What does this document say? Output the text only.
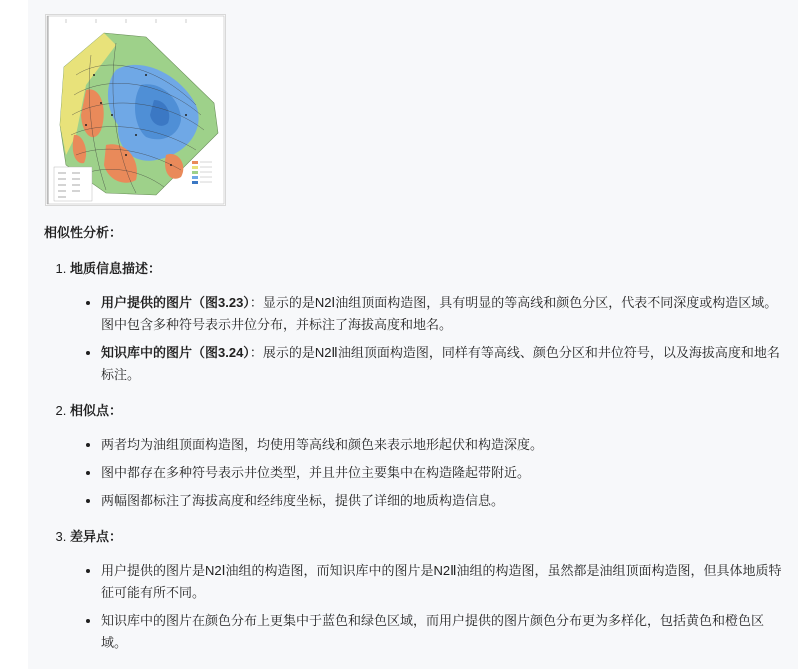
相似性分析：
1. 地质信息描述：
• 用户提供的图片（图3.23）：显示的是N2Ⅰ油组顶面构造图，具有明显的等高线和颜色分区，代表不同深度或构造区域。图中包含多种符号表示井位分布，并标注了海拔高度和地名。
• 知识库中的图片（图3.24）：展示的是N2Ⅱ油组顶面构造图，同样有等高线、颜色分区和井位符号，以及海拔高度和地名标注。
2. 相似点：
• 两者均为油组顶面构造图，均使用等高线和颜色来表示地形起伏和构造深度。
• 图中都存在多种符号表示井位类型，并且井位主要集中在构造隆起带附近。
• 两幅图都标注了海拔高度和经纬度坐标，提供了详细的地质构造信息。
3. 差异点：
• 用户提供的图片是N2Ⅰ油组的构造图，而知识库中的图片是N2Ⅱ油组的构造图，虽然都是油组顶面构造图，但具体地质特征可能有所不同。
• 知识库中的图片在颜色分布上更集中于蓝色和绿色区域，而用户提供的图片颜色分布更为多样化，包括黄色和橙色区域。
